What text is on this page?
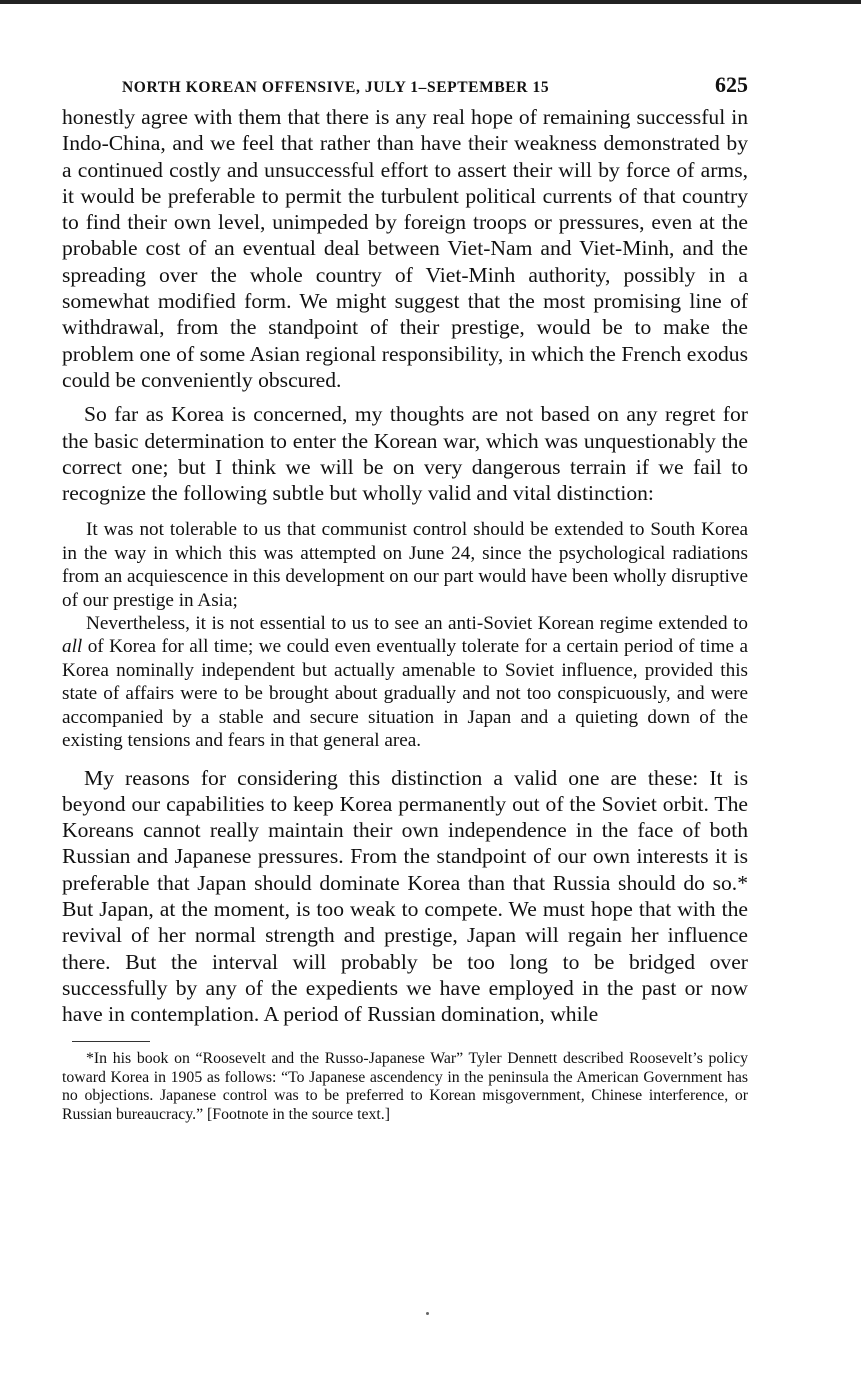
NORTH KOREAN OFFENSIVE, JULY 1–SEPTEMBER 15	625

honestly agree with them that there is any real hope of remaining successful in Indo-China, and we feel that rather than have their weakness demonstrated by a continued costly and unsuccessful effort to assert their will by force of arms, it would be preferable to permit the turbulent political currents of that country to find their own level, unimpeded by foreign troops or pressures, even at the probable cost of an eventual deal between Viet-Nam and Viet-Minh, and the spreading over the whole country of Viet-Minh authority, possibly in a somewhat modified form. We might suggest that the most promising line of withdrawal, from the standpoint of their prestige, would be to make the problem one of some Asian regional responsibility, in which the French exodus could be conveniently obscured.

So far as Korea is concerned, my thoughts are not based on any regret for the basic determination to enter the Korean war, which was unquestionably the correct one; but I think we will be on very dangerous terrain if we fail to recognize the following subtle but wholly valid and vital distinction:

It was not tolerable to us that communist control should be extended to South Korea in the way in which this was attempted on June 24, since the psychological radiations from an acquiescence in this development on our part would have been wholly disruptive of our prestige in Asia;

Nevertheless, it is not essential to us to see an anti-Soviet Korean regime extended to all of Korea for all time; we could even eventually tolerate for a certain period of time a Korea nominally independent but actually amenable to Soviet influence, provided this state of affairs were to be brought about gradually and not too conspicuously, and were accompanied by a stable and secure situation in Japan and a quieting down of the existing tensions and fears in that general area.

My reasons for considering this distinction a valid one are these: It is beyond our capabilities to keep Korea permanently out of the Soviet orbit. The Koreans cannot really maintain their own independence in the face of both Russian and Japanese pressures. From the standpoint of our own interests it is preferable that Japan should dominate Korea than that Russia should do so.* But Japan, at the moment, is too weak to compete. We must hope that with the revival of her normal strength and prestige, Japan will regain her influence there. But the interval will probably be too long to be bridged over successfully by any of the expedients we have employed in the past or now have in contemplation. A period of Russian domination, while

*In his book on “Roosevelt and the Russo-Japanese War” Tyler Dennett described Roosevelt’s policy toward Korea in 1905 as follows: “To Japanese ascendency in the peninsula the American Government has no objections. Japanese control was to be preferred to Korean misgovernment, Chinese interference, or Russian bureaucracy.” [Footnote in the source text.]
